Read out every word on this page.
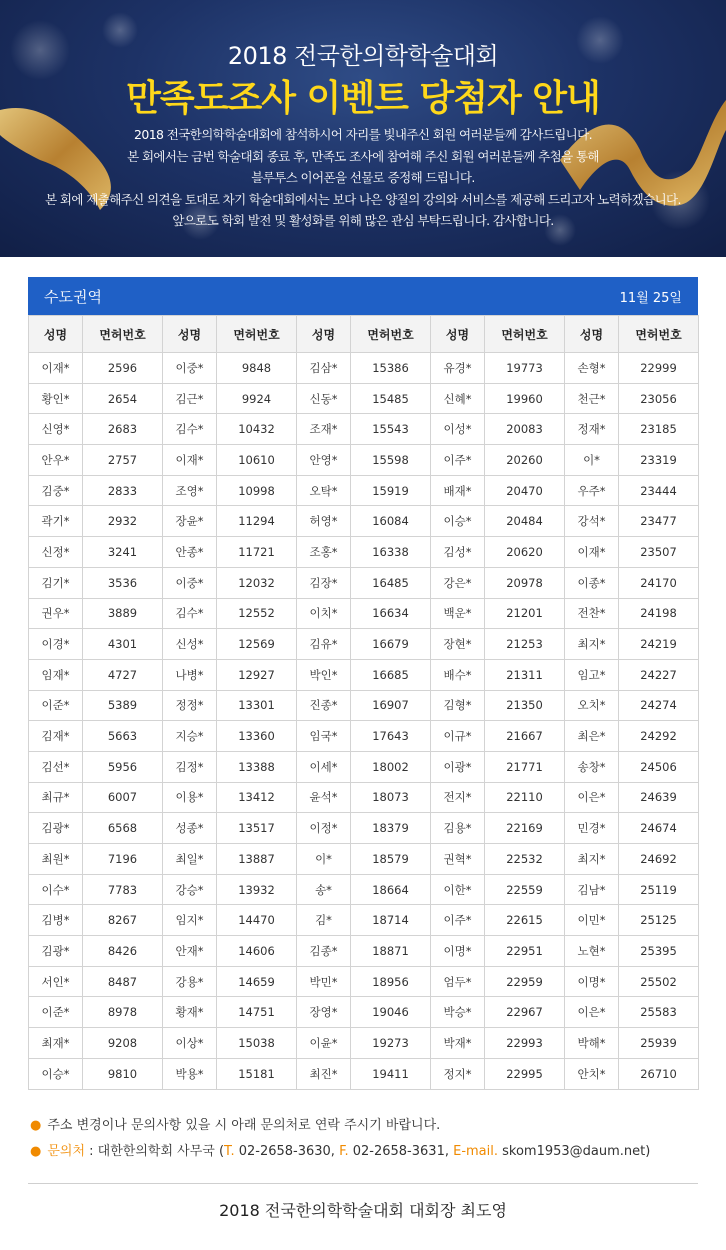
2018 전국한의학학술대회
만족도조사 이벤트 당첨자 안내
2018 전국한의학학술대회에 참석하시어 자리를 빛내주신 회원 여러분들께 감사드립니다.
본 회에서는 금번 학술대회 종료 후, 만족도 조사에 참여해 주신 회원 여러분들께 추첨을 통해
블루투스 이어폰을 선물로 증정해 드립니다.
본 회에 제출해주신 의견을 토대로 차기 학술대회에서는 보다 나은 양질의 강의와 서비스를 제공해 드리고자 노력하겠습니다.
앞으로도 학회 발전 및 활성화를 위해 많은 관심 부탁드립니다. 감사합니다.
수도권역	11월 25일
성명	면허번호	성명	면허번호	성명	면허번호	성명	면허번호	성명	면허번호
이재*	2596	이중*	9848	김삼*	15386	유경*	19773	손형*	22999
황인*	2654	김근*	9924	신동*	15485	신혜*	19960	천근*	23056
신영*	2683	김수*	10432	조재*	15543	이성*	20083	정재*	23185
안우*	2757	이재*	10610	안영*	15598	이주*	20260	이*	23319
김중*	2833	조영*	10998	오탁*	15919	배재*	20470	우주*	23444
곽기*	2932	장윤*	11294	허영*	16084	이승*	20484	강석*	23477
신정*	3241	안종*	11721	조홍*	16338	김성*	20620	이재*	23507
김기*	3536	이중*	12032	김장*	16485	강은*	20978	이종*	24170
권우*	3889	김수*	12552	이치*	16634	백운*	21201	전찬*	24198
이경*	4301	신성*	12569	김유*	16679	장현*	21253	최지*	24219
임재*	4727	나병*	12927	박인*	16685	배수*	21311	임고*	24227
이준*	5389	정정*	13301	진종*	16907	김형*	21350	오치*	24274
김재*	5663	지승*	13360	임국*	17643	이규*	21667	최은*	24292
김선*	5956	김정*	13388	이세*	18002	이광*	21771	송창*	24506
최규*	6007	이용*	13412	윤석*	18073	전지*	22110	이은*	24639
김광*	6568	성종*	13517	이정*	18379	김용*	22169	민경*	24674
최원*	7196	최일*	13887	이*	18579	권혁*	22532	최지*	24692
이수*	7783	강승*	13932	송*	18664	이한*	22559	김남*	25119
김병*	8267	임지*	14470	김*	18714	이주*	22615	이민*	25125
김광*	8426	안재*	14606	김종*	18871	이명*	22951	노현*	25395
서인*	8487	강용*	14659	박민*	18956	엄두*	22959	이명*	25502
이준*	8978	황재*	14751	장영*	19046	박승*	22967	이은*	25583
최재*	9208	이상*	15038	이윤*	19273	박재*	22993	박해*	25939
이승*	9810	박용*	15181	최진*	19411	정지*	22995	안치*	26710
● 주소 변경이나 문의사항 있을 시 아래 문의처로 연락 주시기 바랍니다.
● 문의처 : 대한한의학회 사무국 (T. 02-2658-3630, F. 02-2658-3631, E-mail. skom1953@daum.net)
2018 전국한의학학술대회 대회장 최도영
